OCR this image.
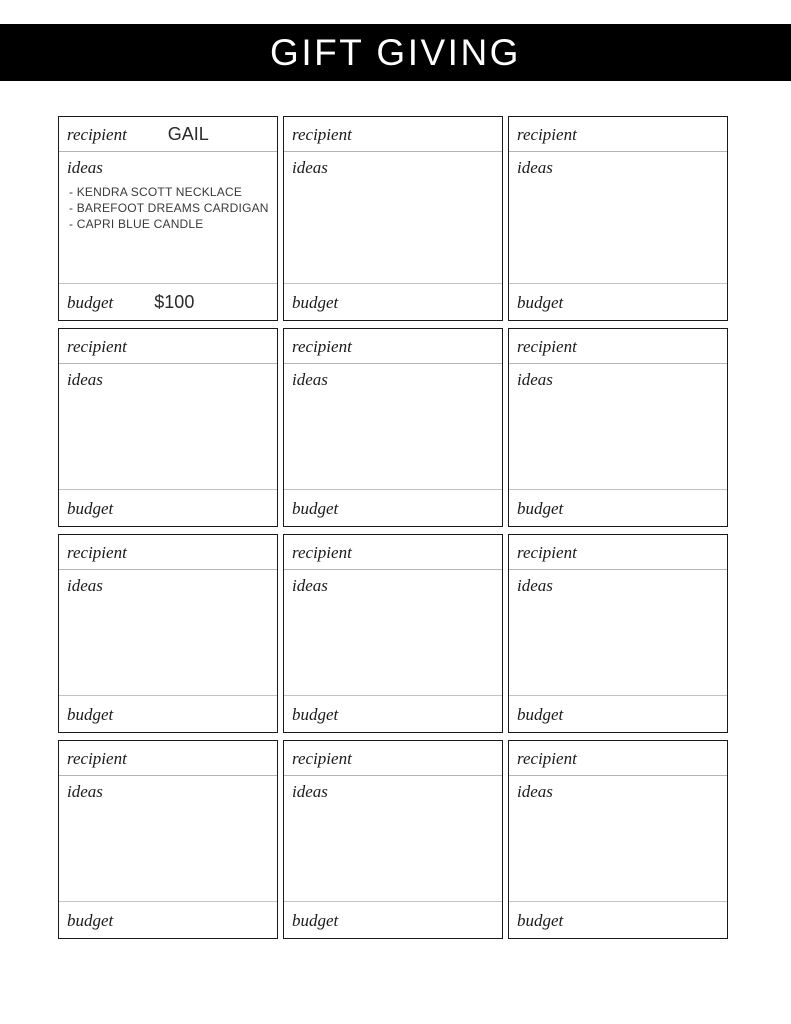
GIFT GIVING
recipient GAIL
ideas
- KENDRA SCOTT NECKLACE
- BAREFOOT DREAMS CARDIGAN
- CAPRI BLUE CANDLE
budget $100
recipient
ideas
budget
recipient
ideas
budget
recipient
ideas
budget
recipient
ideas
budget
recipient
ideas
budget
recipient
ideas
budget
recipient
ideas
budget
recipient
ideas
budget
recipient
ideas
budget
recipient
ideas
budget
recipient
ideas
budget
